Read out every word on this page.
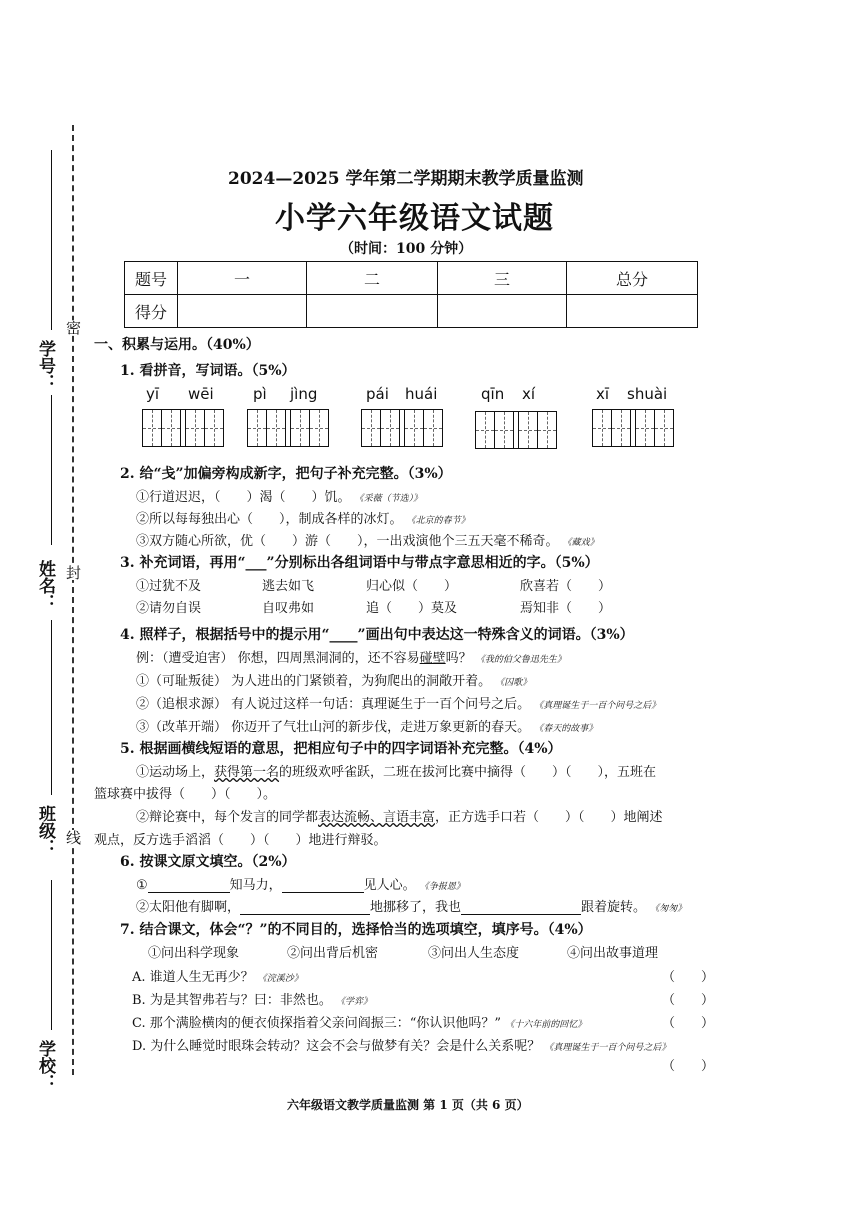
密
封
线
学号：
姓名：
班级：
学校：
2024—2025 学年第二学期期末教学质量监测
小学六年级语文试题
（时间：100 分钟）
题号	一	二	三	总分
得分				
一、积累与运用。（40%）
1. 看拼音，写词语。（5%）
yī wēi	pì jìng	pái huái	qīn xí	xī shuài
2. 给“戋”加偏旁构成新字，把句子补充完整。（3%）
①行道迟迟，（　　）渴（　　）饥。 《采薇（节选）》
②所以每每独出心（　　），制成各样的冰灯。 《北京的春节》
③双方随心所欲，优（　　）游（　　），一出戏演他个三五天毫不稀奇。 《藏戏》
3. 补充词语，再用“___”分别标出各组词语中与带点字意思相近的字。（5%）
①过犹不及	逃去如飞	归心似（　　）	欣喜若（　　）
②请勿自误	自叹弗如	追（　　）莫及	焉知非（　　）
4. 照样子，根据括号中的提示用“____”画出句中表达这一特殊含义的词语。（3%）
例：（遭受迫害） 你想，四周黑洞洞的，还不容易碰壁吗？ 《我的伯父鲁迅先生》
①（可耻叛徒） 为人进出的门紧锁着，为狗爬出的洞敞开着。 《囚歌》
②（追根求源） 有人说过这样一句话：真理诞生于一百个问号之后。 《真理诞生于一百个问号之后》
③（改革开端） 你迈开了气壮山河的新步伐，走进万象更新的春天。 《春天的故事》
5. 根据画横线短语的意思，把相应句子中的四字词语补充完整。（4%）
①运动场上，获得第一名的班级欢呼雀跃，二班在拔河比赛中摘得（　　）（　　），五班在
篮球赛中拔得（　　）（　　）。
②辩论赛中，每个发言的同学都表达流畅、言语丰富，正方选手口若（　　）（　　）地阐述
观点，反方选手滔滔（　　）（　　）地进行辩驳。
6. 按课文原文填空。（2%）
①	知马力，	见人心。 《争报恩》
②太阳他有脚啊，	地挪移了，我也	跟着旋转。 《匆匆》
7. 结合课文，体会“？”的不同目的，选择恰当的选项填空，填序号。（4%）
①问出科学现象	②问出背后机密	③问出人生态度	④问出故事道理
A. 谁道人生无再少？ 《浣溪沙》	（　　）
B. 为是其智弗若与？曰：非然也。 《学弈》	（　　）
C. 那个满脸横肉的便衣侦探指着父亲问阎振三：“你认识他吗？” 《十六年前的回忆》	（　　）
D. 为什么睡觉时眼珠会转动？这会不会与做梦有关？会是什么关系呢？ 《真理诞生于一百个问号之后》
（　　）
六年级语文教学质量监测 第 1 页（共 6 页）
